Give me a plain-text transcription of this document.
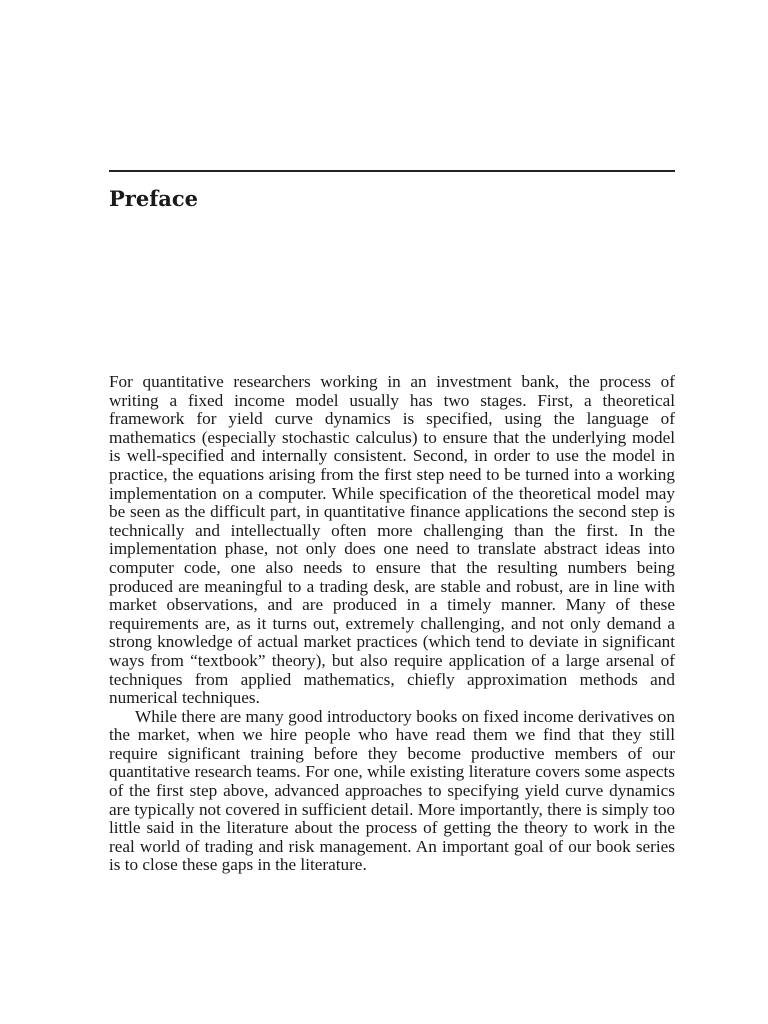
Preface

For quantitative researchers working in an investment bank, the process of writing a fixed income model usually has two stages. First, a theoretical framework for yield curve dynamics is specified, using the language of mathematics (especially stochastic calculus) to ensure that the underlying model is well-specified and internally consistent. Second, in order to use the model in practice, the equations arising from the first step need to be turned into a working implementation on a computer. While specification of the theoretical model may be seen as the difficult part, in quantitative finance applications the second step is technically and intellectually often more challenging than the first. In the implementation phase, not only does one need to translate abstract ideas into computer code, one also needs to ensure that the resulting numbers being produced are meaningful to a trading desk, are stable and robust, are in line with market observations, and are produced in a timely manner. Many of these requirements are, as it turns out, extremely challenging, and not only demand a strong knowledge of actual market practices (which tend to deviate in significant ways from “textbook” theory), but also require application of a large arsenal of techniques from applied mathematics, chiefly approximation methods and numerical techniques.

While there are many good introductory books on fixed income derivatives on the market, when we hire people who have read them we find that they still require significant training before they become productive members of our quantitative research teams. For one, while existing literature covers some aspects of the first step above, advanced approaches to specifying yield curve dynamics are typically not covered in sufficient detail. More importantly, there is simply too little said in the literature about the process of getting the theory to work in the real world of trading and risk management. An important goal of our book series is to close these gaps in the literature.
